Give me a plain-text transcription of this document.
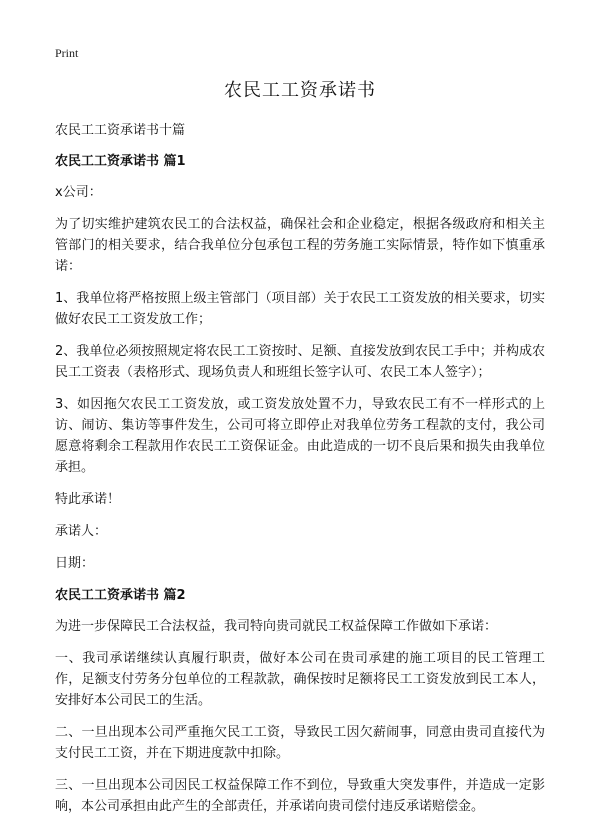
Print
农民工工资承诺书

农民工工资承诺书十篇

农民工工资承诺书 篇1

x公司：

为了切实维护建筑农民工的合法权益，确保社会和企业稳定，根据各级政府和相关主管部门的相关要求，结合我单位分包承包工程的劳务施工实际情景，特作如下慎重承诺：

1、我单位将严格按照上级主管部门（项目部）关于农民工工资发放的相关要求，切实做好农民工工资发放工作；

2、我单位必须按照规定将农民工工资按时、足额、直接发放到农民工手中；并构成农民工工资表（表格形式、现场负责人和班组长签字认可、农民工本人签字）；

3、如因拖欠农民工工资发放，或工资发放处置不力，导致农民工有不一样形式的上访、闹访、集访等事件发生，公司可将立即停止对我单位劳务工程款的支付，我公司愿意将剩余工程款用作农民工工资保证金。由此造成的一切不良后果和损失由我单位承担。

特此承诺！

承诺人：

日期：

农民工工资承诺书 篇2

为进一步保障民工合法权益，我司特向贵司就民工权益保障工作做如下承诺：

一、我司承诺继续认真履行职责，做好本公司在贵司承建的施工项目的民工管理工作，足额支付劳务分包单位的工程款款，确保按时足额将民工工资发放到民工本人，安排好本公司民工的生活。

二、一旦出现本公司严重拖欠民工工资，导致民工因欠薪闹事，同意由贵司直接代为支付民工工资，并在下期进度款中扣除。

三、一旦出现本公司因民工权益保障工作不到位，导致重大突发事件，并造成一定影响，本公司承担由此产生的全部责任，并承诺向贵司偿付违反承诺赔偿金。
